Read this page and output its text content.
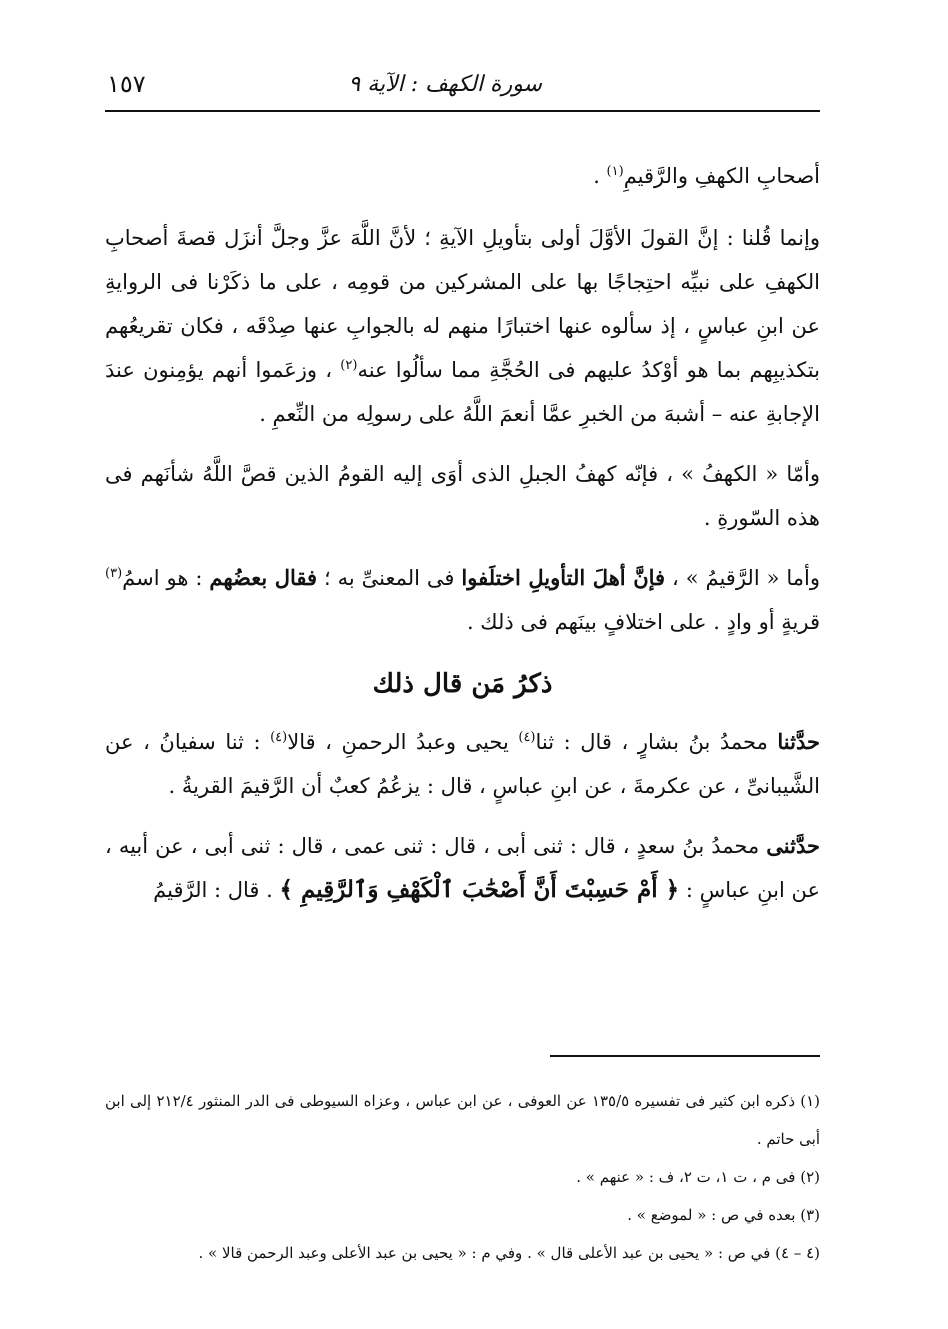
سورة الكهف : الآية ٩
١٥٧

أصحابِ الكهفِ والرَّقيمِ$^{(١)}$ .

وإنما قُلنا : إنَّ القولَ الأوَّلَ أولى بتأويلِ الآيةِ ؛ لأنَّ اللَّهَ عزَّ وجلَّ أنزَل قصةَ أصحابِ الكهفِ على نبيِّه احتِجاجًا بها على المشركين من قومِه ، على ما ذكَرْنا فى الروايةِ عن ابنِ عباسٍ ، إذ سألوه عنها اختبارًا منهم له بالجوابِ عنها صِدْقَه ، فكان تقريعُهم بتكذيبِهم بما هو أوْكدُ عليهم فى الحُجَّةِ مما سألُوا عنه$^{(٢)}$ ، وزعَموا أنهم يؤمِنون عندَ الإجابةِ عنه – أشبهَ من الخبرِ عمَّا أنعمَ اللَّهُ على رسولِه من النِّعمِ .

وأمّا « الكهفُ » ، فإنّه كهفُ الجبلِ الذى أوَى إليه القومُ الذين قصَّ اللَّهُ شأنَهم فى هذه السّورةِ .

وأما « الرَّقيمُ » ، فإنَّ أهلَ التأويلِ اختلَفوا فى المعنىِّ به ؛ فقال بعضُهم : هو اسمُ$^{(٣)}$ قريةٍ أو وادٍ . على اختلافٍ بينَهم فى ذلك .

ذكرُ مَن قال ذلك

حدَّثنا محمدُ بنُ بشارٍ ، قال : ثنا$^{(٤)}$ يحيى وعبدُ الرحمنِ ، قالا$^{(٤)}$ : ثنا سفيانُ ، عن الشَّيبانىِّ ، عن عكرمةَ ، عن ابنِ عباسٍ ، قال : يزعُمُ كعبٌ أن الرَّقيمَ القريةُ .

حدَّثنى محمدُ بنُ سعدٍ ، قال : ثنى أبى ، قال : ثنى عمى ، قال : ثنى أبى ، عن أبيه ، عن ابنِ عباسٍ : ﴿ أَمْ حَسِبْتَ أَنَّ أَصْحَٰبَ ٱلْكَهْفِ وَٱلرَّقِيمِ ﴾ . قال : الرَّقيمُ

(١) ذكره ابن كثير فى تفسيره ١٣٥/٥ عن العوفى ، عن ابن عباس ، وعزاه السيوطى فى الدر المنثور ٢١٢/٤ إلى ابن أبى حاتم .

(٢) فى م ، ت ١، ت ٢، ف : « عنهم » .

(٣) بعده في ص : « لموضع » .

(٤ – ٤) في ص : « يحيى بن عبد الأعلى قال » . وفي م : « يحيى بن عبد الأعلى وعبد الرحمن قالا » .
